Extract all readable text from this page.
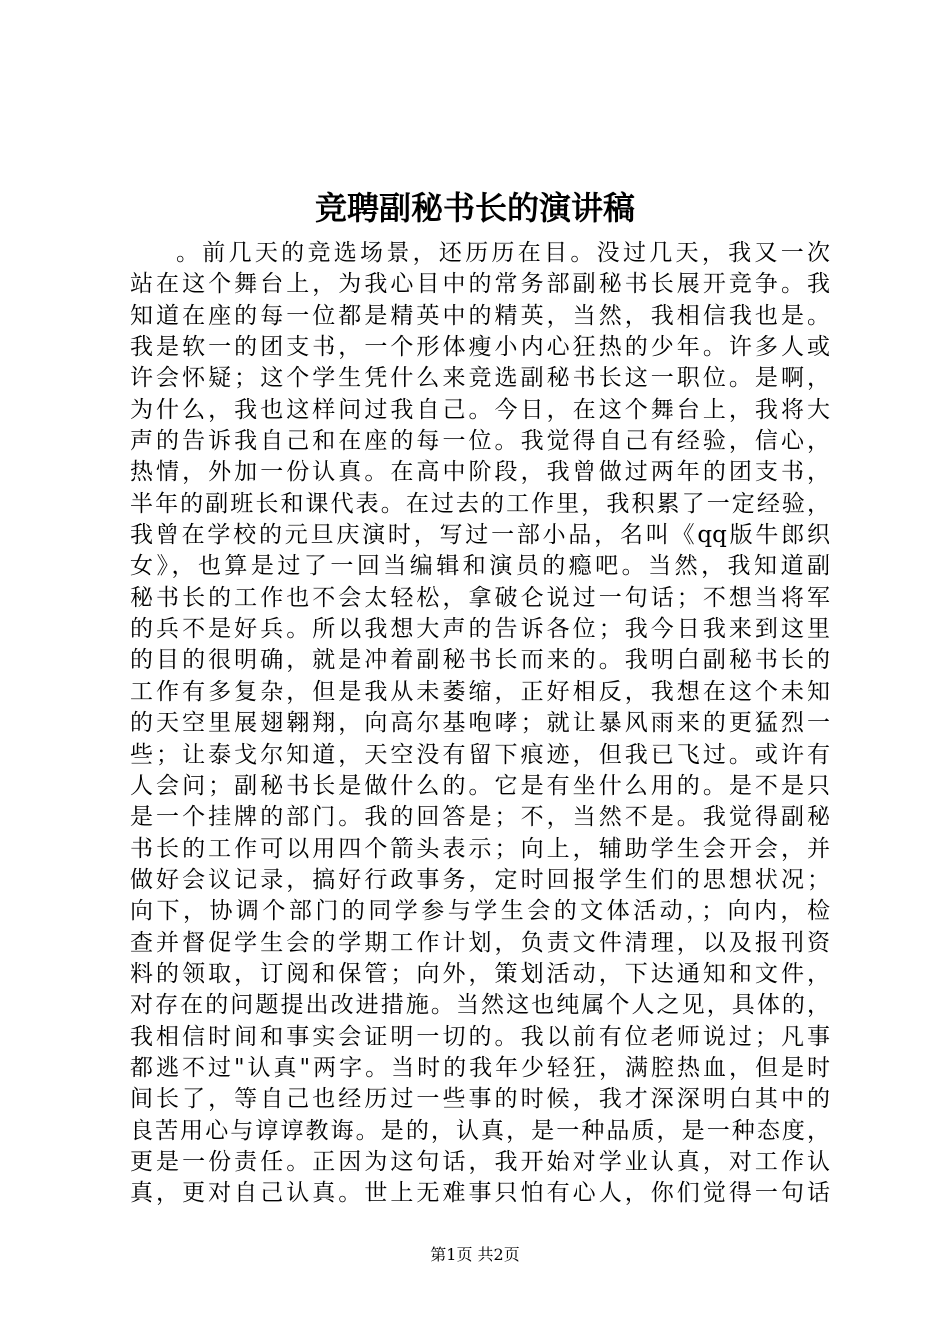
竞聘副秘书长的演讲稿
。前几天的竞选场景，还历历在目。没过几天，我又一次
站在这个舞台上，为我心目中的常务部副秘书长展开竞争。我
知道在座的每一位都是精英中的精英，当然，我相信我也是。
我是软一的团支书，一个形体瘦小内心狂热的少年。许多人或
许会怀疑；这个学生凭什么来竞选副秘书长这一职位。是啊，
为什么，我也这样问过我自己。今日，在这个舞台上，我将大
声的告诉我自己和在座的每一位。我觉得自己有经验，信心，
热情，外加一份认真。在高中阶段，我曾做过两年的团支书，
半年的副班长和课代表。在过去的工作里，我积累了一定经验，
我曾在学校的元旦庆演时，写过一部小品，名叫《qq版牛郎织
女》，也算是过了一回当编辑和演员的瘾吧。当然，我知道副
秘书长的工作也不会太轻松，拿破仑说过一句话；不想当将军
的兵不是好兵。所以我想大声的告诉各位；我今日我来到这里
的目的很明确，就是冲着副秘书长而来的。我明白副秘书长的
工作有多复杂，但是我从未萎缩，正好相反，我想在这个未知
的天空里展翅翱翔，向高尔基咆哮；就让暴风雨来的更猛烈一
些；让泰戈尔知道，天空没有留下痕迹，但我已飞过。或许有
人会问；副秘书长是做什么的。它是有坐什么用的。是不是只
是一个挂牌的部门。我的回答是；不，当然不是。我觉得副秘
书长的工作可以用四个箭头表示；向上，辅助学生会开会，并
做好会议记录，搞好行政事务，定时回报学生们的思想状况；
向下，协调个部门的同学参与学生会的文体活动，；向内，检
查并督促学生会的学期工作计划，负责文件清理，以及报刊资
料的领取，订阅和保管；向外，策划活动，下达通知和文件，
对存在的问题提出改进措施。当然这也纯属个人之见，具体的，
我相信时间和事实会证明一切的。我以前有位老师说过；凡事
都逃不过"认真"两字。当时的我年少轻狂，满腔热血，但是时
间长了，等自己也经历过一些事的时候，我才深深明白其中的
良苦用心与谆谆教诲。是的，认真，是一种品质，是一种态度，
更是一份责任。正因为这句话，我开始对学业认真，对工作认
真，更对自己认真。世上无难事只怕有心人，你们觉得一句话
第1页 共2页
